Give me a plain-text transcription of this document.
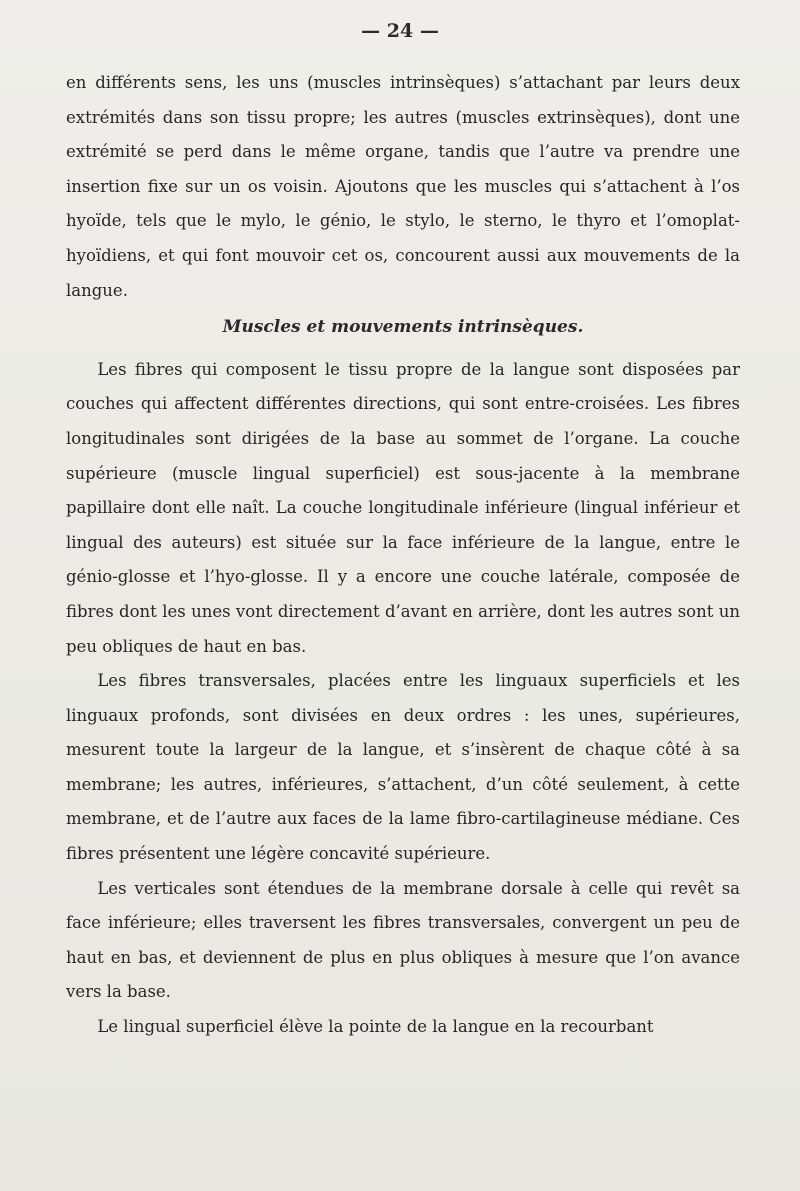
— 24 —

en différents sens, les uns (muscles intrinsèques) s’attachant par leurs deux extrémités dans son tissu propre; les autres (muscles extrinsèques), dont une extrémité se perd dans le même organe, tandis que l’autre va prendre une insertion fixe sur un os voisin. Ajoutons que les muscles qui s’attachent à l’os hyoïde, tels que le mylo, le génio, le stylo, le sterno, le thyro et l’omoplat-hyoïdiens, et qui font mouvoir cet os, concourent aussi aux mouvements de la langue.

Muscles et mouvements intrinsèques.

Les fibres qui composent le tissu propre de la langue sont disposées par couches qui affectent différentes directions, qui sont entre-croisées. Les fibres longitudinales sont dirigées de la base au sommet de l’organe. La couche supérieure (muscle lingual superficiel) est sous-jacente à la membrane papillaire dont elle naît. La couche longitudinale inférieure (lingual inférieur et lingual des auteurs) est située sur la face inférieure de la langue, entre le génio-glosse et l’hyo-glosse. Il y a encore une couche latérale, composée de fibres dont les unes vont directement d’avant en arrière, dont les autres sont un peu obliques de haut en bas.

Les fibres transversales, placées entre les linguaux superficiels et les linguaux profonds, sont divisées en deux ordres : les unes, supérieures, mesurent toute la largeur de la langue, et s’insèrent de chaque côté à sa membrane; les autres, inférieures, s’attachent, d’un côté seulement, à cette membrane, et de l’autre aux faces de la lame fibro-cartilagineuse médiane. Ces fibres présentent une légère concavité supérieure.

Les verticales sont étendues de la membrane dorsale à celle qui revêt sa face inférieure; elles traversent les fibres transversales, convergent un peu de haut en bas, et deviennent de plus en plus obliques à mesure que l’on avance vers la base.

Le lingual superficiel élève la pointe de la langue en la recourbant
